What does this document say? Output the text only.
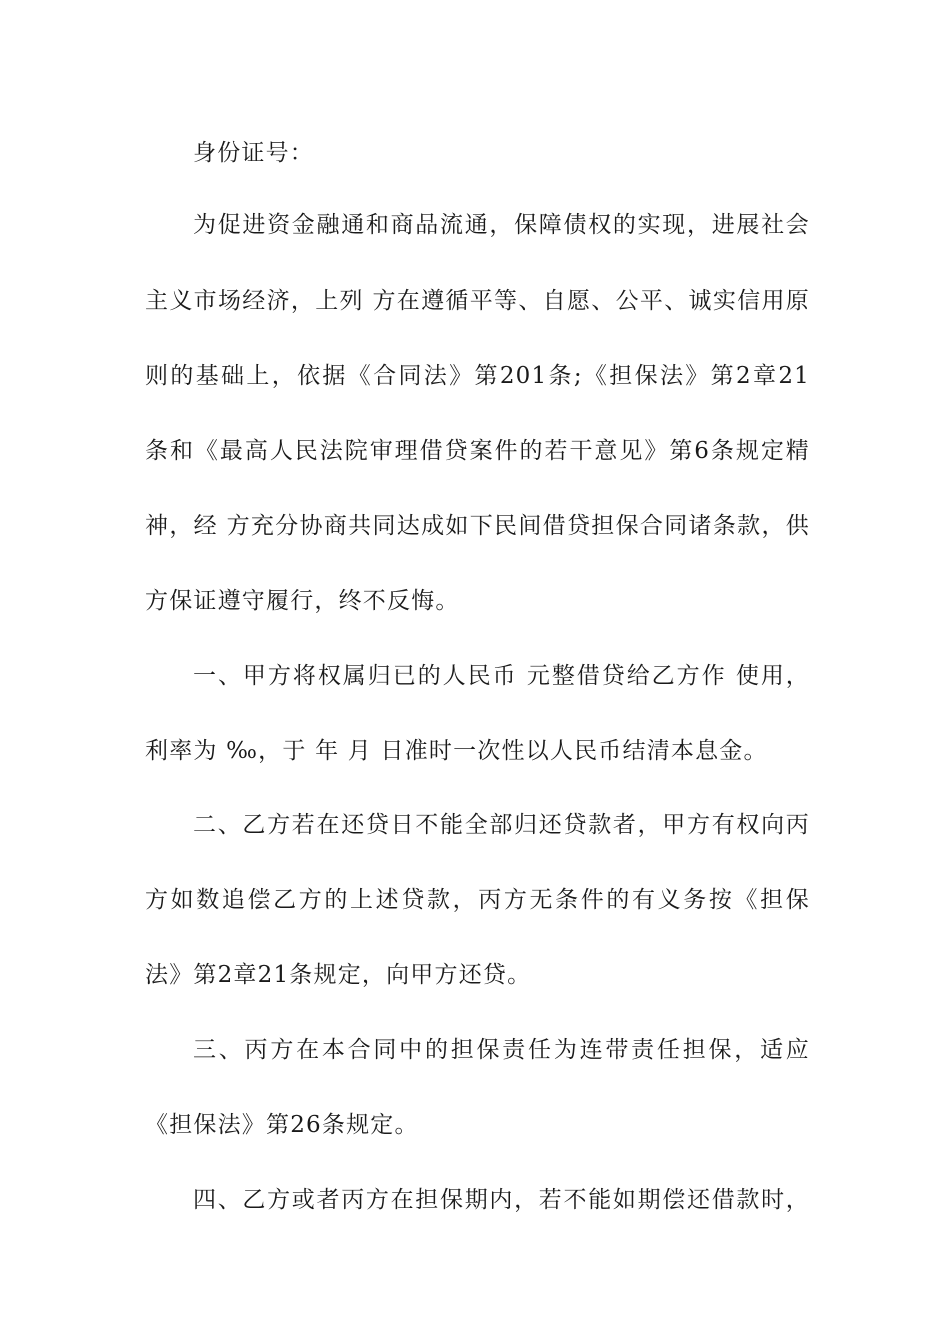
身份证号：

为促进资金融通和商品流通，保障债权的实现，进展社会

主义市场经济，上列 方在遵循平等、自愿、公平、诚实信用原

则的基础上，依据《合同法》第201条;《担保法》第2章21

条和《最高人民法院审理借贷案件的若干意见》第6条规定精

神，经 方充分协商共同达成如下民间借贷担保合同诸条款，供

方保证遵守履行，终不反悔。

一、甲方将权属归已的人民币 元整借贷给乙方作 使用，

利率为 ‰，于 年 月 日准时一次性以人民币结清本息金。

二、乙方若在还贷日不能全部归还贷款者，甲方有权向丙

方如数追偿乙方的上述贷款，丙方无条件的有义务按《担保

法》第2章21条规定，向甲方还贷。

三、丙方在本合同中的担保责任为连带责任担保，适应

《担保法》第26条规定。

四、乙方或者丙方在担保期内，若不能如期偿还借款时，
